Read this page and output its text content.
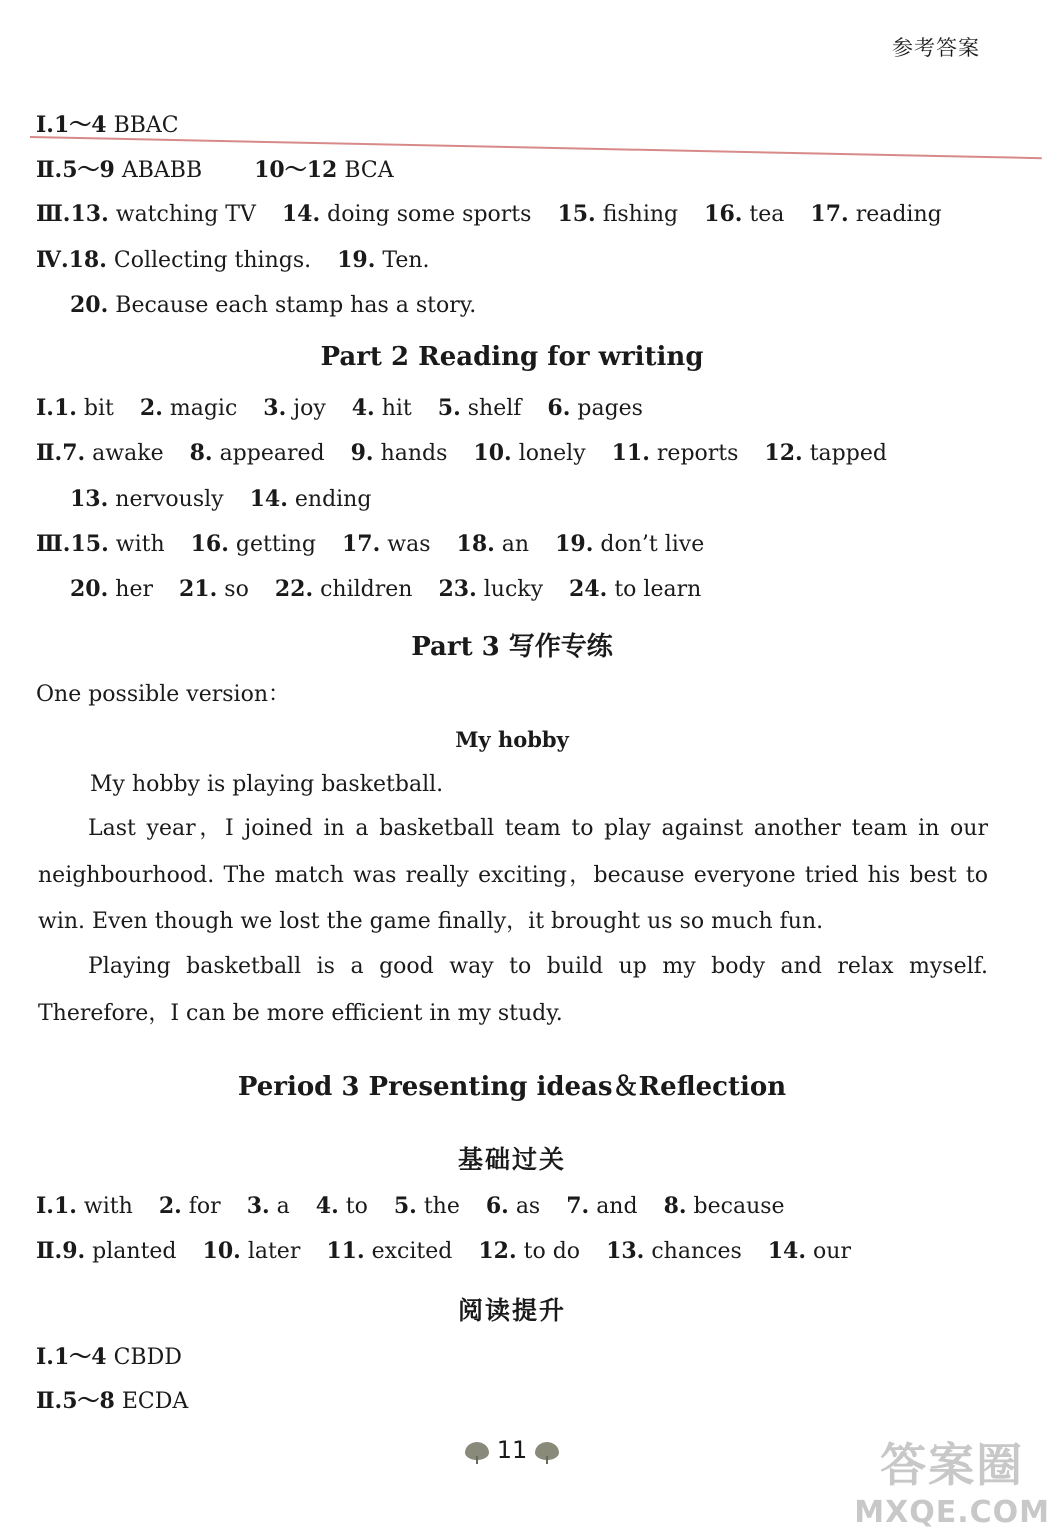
参考答案
Ⅰ.1～4 BBAC
Ⅱ.5～9 ABABB 10～12 BCA
Ⅲ.13. watching TV 14. doing some sports 15. fishing 16. tea 17. reading
Ⅳ.18. Collecting things. 19. Ten.
20. Because each stamp has a story.
Part 2 Reading for writing
Ⅰ.1. bit 2. magic 3. joy 4. hit 5. shelf 6. pages
Ⅱ.7. awake 8. appeared 9. hands 10. lonely 11. reports 12. tapped
13. nervously 14. ending
Ⅲ.15. with 16. getting 17. was 18. an 19. don’t live
20. her 21. so 22. children 23. lucky 24. to learn
Part 3 写作专练
One possible version：
My hobby
My hobby is playing basketball.
Last year，I joined in a basketball team to play against another team in our neighbourhood. The match was really exciting，because everyone tried his best to win. Even though we lost the game finally，it brought us so much fun.
Playing basketball is a good way to build up my body and relax myself. Therefore，I can be more efficient in my study.
Period 3 Presenting ideas＆Reflection
基础过关
Ⅰ.1. with 2. for 3. a 4. to 5. the 6. as 7. and 8. because
Ⅱ.9. planted 10. later 11. excited 12. to do 13. chances 14. our
阅读提升
Ⅰ.1～4 CBDD
Ⅱ.5～8 ECDA
11	答案圈
MXQE.COM
